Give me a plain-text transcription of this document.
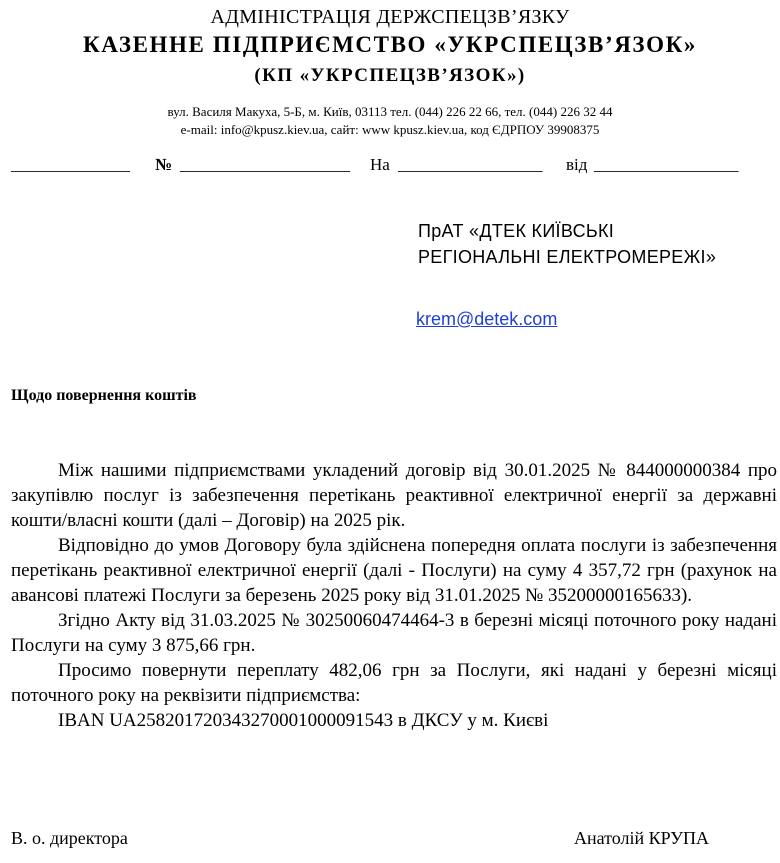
АДМІНІСТРАЦІЯ ДЕРЖСПЕЦЗВ’ЯЗКУ
КАЗЕННЕ ПІДПРИЄМСТВО «УКРСПЕЦЗВ’ЯЗОК»
(КП «УКРСПЕЦЗВ’ЯЗОК»)
вул. Василя Макуха, 5-Б, м. Київ, 03113 тел. (044) 226 22 66, тел. (044) 226 32 44
e-mail: info@kpusz.kiev.ua, сайт: www kpusz.kiev.ua, код ЄДРПОУ 39908375
______________ № ____________________ На _________________ від _________________
ПрАТ «ДТЕК КИЇВСЬКІ
РЕГІОНАЛЬНІ ЕЛЕКТРОМЕРЕЖІ»
krem@detek.com
Щодо повернення коштів

Між нашими підприємствами укладений договір від 30.01.2025 № 844000000384 про закупівлю послуг із забезпечення перетікань реактивної електричної енергії за державні кошти/власні кошти (далі – Договір) на 2025 рік.

Відповідно до умов Договору була здійснена попередня оплата послуги із забезпечення перетікань реактивної електричної енергії (далі - Послуги) на суму 4 357,72 грн (рахунок на авансові платежі Послуги за березень 2025 року від 31.01.2025 № 35200000165633).

Згідно Акту від 31.03.2025 № 30250060474464-3 в березні місяці поточного року надані Послуги на суму 3 875,66 грн.

Просимо повернути переплату 482,06 грн за Послуги, які надані у березні місяці поточного року на реквізити підприємства:

IBAN UA258201720343270001000091543 в ДКСУ у м. Києві

В. о. директора	Анатолій КРУПА
